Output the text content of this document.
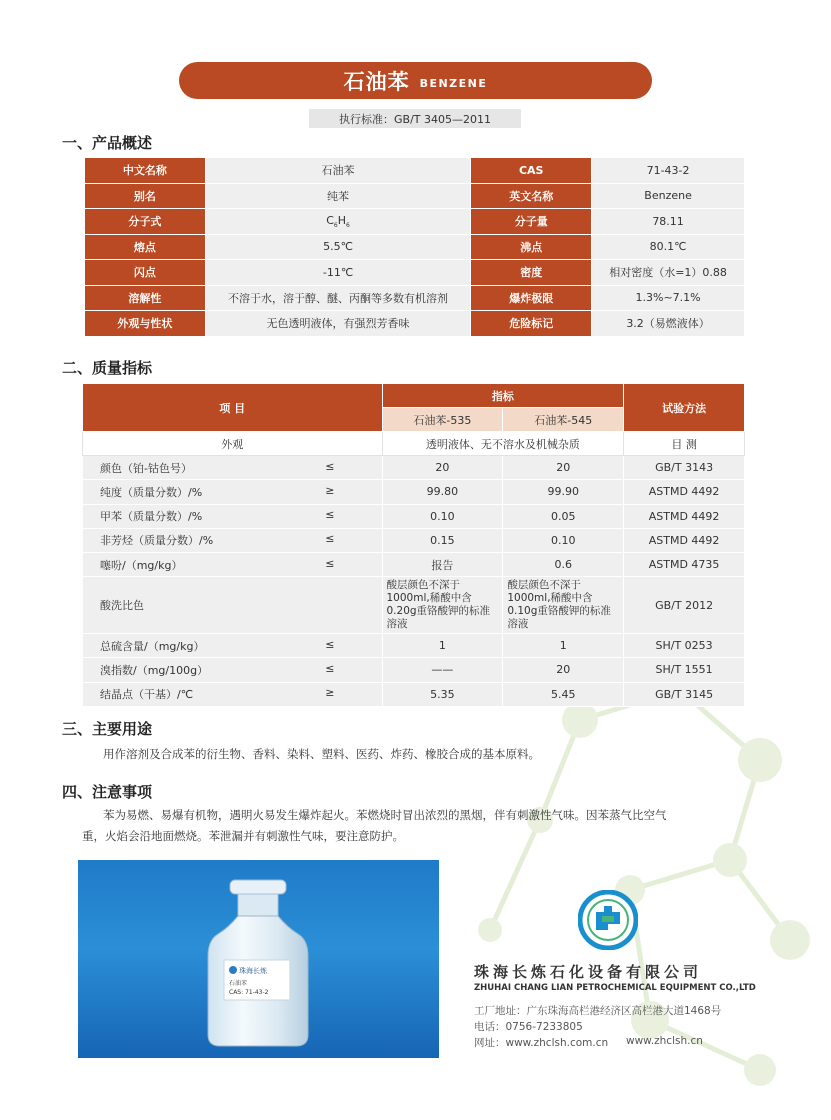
石油苯 BENZENE
执行标准：GB/T 3405—2011
一、产品概述
中文名称	石油苯	CAS	71-43-2
别名	纯苯	英文名称	Benzene
分子式	$C_6H_6$	分子量	78.11
熔点	5.5℃	沸点	80.1℃
闪点	-11℃	密度	相对密度（水=1）0.88
溶解性	不溶于水，溶于醇、醚、丙酮等多数有机溶剂	爆炸极限	1.3%~7.1%
外观与性状	无色透明液体，有强烈芳香味	危险标记	3.2（易燃液体）
二、质量指标
项 目	指标		试验方法
	石油苯-535	石油苯-545	
外观	透明液体、无不溶水及机械杂质		目 测
颜色（铂-钴色号） ≤	20	20	GB/T 3143
纯度（质量分数）/% ≥	99.80	99.90	ASTMD 4492
甲苯（质量分数）/% ≤	0.10	0.05	ASTMD 4492
非芳烃（质量分数）/% ≤	0.15	0.10	ASTMD 4492
噻吩/（mg/kg） ≤	报告	0.6	ASTMD 4735
酸洗比色	酸层颜色不深于1000ml,稀酸中含0.20g重铬酸钾的标准溶液	酸层颜色不深于1000ml,稀酸中含0.10g重铬酸钾的标准溶液	GB/T 2012
总硫含量/（mg/kg） ≤	1	1	SH/T 0253
溴指数/（mg/100g） ≤	——	20	SH/T 1551
结晶点（干基）/℃ ≥	5.35	5.45	GB/T 3145
三、主要用途
用作溶剂及合成苯的衍生物、香料、染料、塑料、医药、炸药、橡胶合成的基本原料。
四、注意事项
苯为易燃、易爆有机物，遇明火易发生爆炸起火。苯燃烧时冒出浓烈的黑烟，伴有刺激性气味。因苯蒸气比空气
重，火焰会沿地面燃烧。苯泄漏并有刺激性气味，要注意防护。
珠海长炼
石油苯
CAS: 71-43-2
珠海长炼石化设备有限公司
ZHUHAI CHANG LIAN PETROCHEMICAL EQUIPMENT CO.,LTD
工厂地址：广东珠海高栏港经济区高栏港大道1468号
电话：0756-7233805
网址：www.zhclsh.com.cn www.zhclsh.cn
